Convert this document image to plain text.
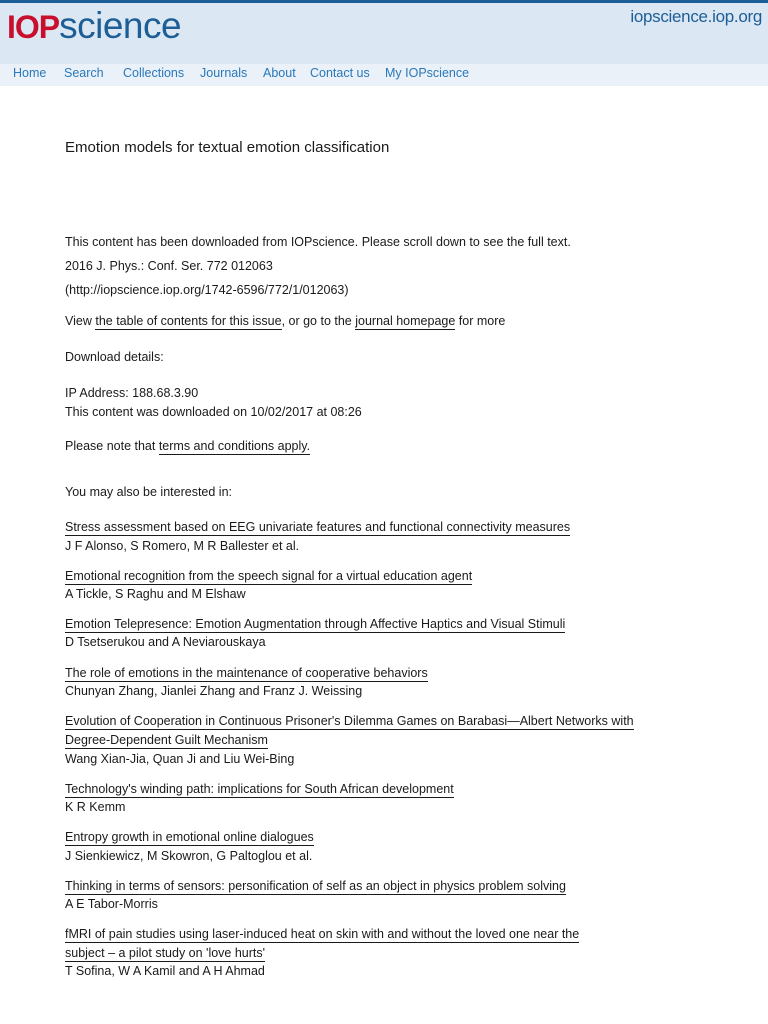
IOPscience	iopscience.iop.org
Home Search Collections Journals About Contact us My IOPscience
Emotion models for textual emotion classification
This content has been downloaded from IOPscience. Please scroll down to see the full text.
2016 J. Phys.: Conf. Ser. 772 012063
(http://iopscience.iop.org/1742-6596/772/1/012063)
View the table of contents for this issue, or go to the journal homepage for more
Download details:
IP Address: 188.68.3.90
This content was downloaded on 10/02/2017 at 08:26
Please note that terms and conditions apply.
You may also be interested in:
Stress assessment based on EEG univariate features and functional connectivity measures
J F Alonso, S Romero, M R Ballester et al.
Emotional recognition from the speech signal for a virtual education agent
A Tickle, S Raghu and M Elshaw
Emotion Telepresence: Emotion Augmentation through Affective Haptics and Visual Stimuli
D Tsetserukou and A Neviarouskaya
The role of emotions in the maintenance of cooperative behaviors
Chunyan Zhang, Jianlei Zhang and Franz J. Weissing
Evolution of Cooperation in Continuous Prisoner's Dilemma Games on Barabasi—Albert Networks with
Degree-Dependent Guilt Mechanism
Wang Xian-Jia, Quan Ji and Liu Wei-Bing
Technology's winding path: implications for South African development
K R Kemm
Entropy growth in emotional online dialogues
J Sienkiewicz, M Skowron, G Paltoglou et al.
Thinking in terms of sensors: personification of self as an object in physics problem solving
A E Tabor-Morris
fMRI of pain studies using laser-induced heat on skin with and without the loved one near the
subject – a pilot study on 'love hurts'
T Sofina, W A Kamil and A H Ahmad
